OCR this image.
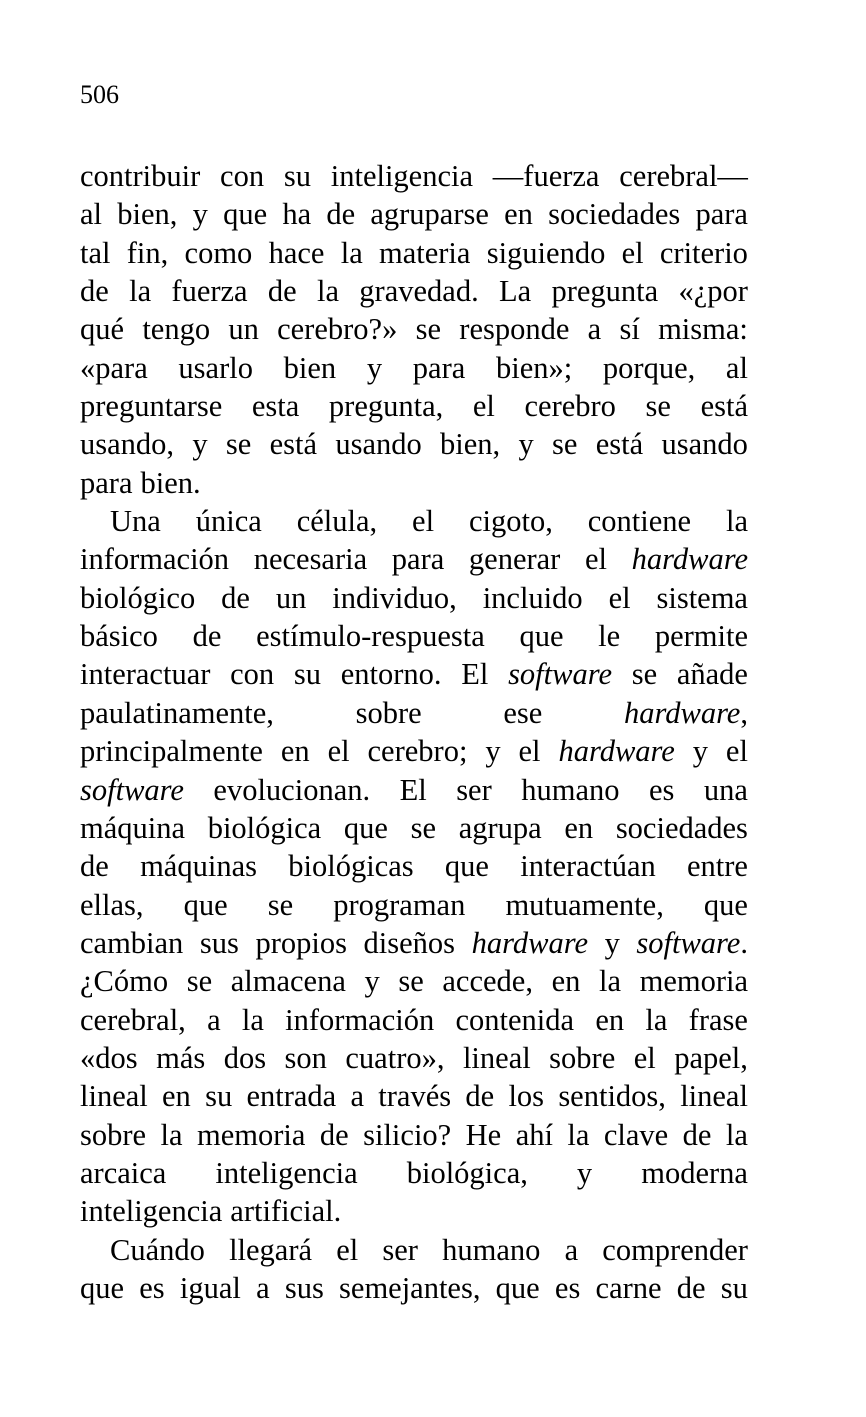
506
contribuir con su inteligencia —fuerza cerebral—
al bien, y que ha de agruparse en sociedades para
tal fin, como hace la materia siguiendo el criterio
de la fuerza de la gravedad. La pregunta «¿por
qué tengo un cerebro?» se responde a sí misma:
«para usarlo bien y para bien»; porque, al
preguntarse esta pregunta, el cerebro se está
usando, y se está usando bien, y se está usando
para bien.
Una única célula, el cigoto, contiene la
información necesaria para generar el hardware
biológico de un individuo, incluido el sistema
básico de estímulo-respuesta que le permite
interactuar con su entorno. El software se añade
paulatinamente,	sobre	ese	hardware,
principalmente en el cerebro; y el hardware y el
software evolucionan. El ser humano es una
máquina biológica que se agrupa en sociedades
de máquinas biológicas que interactúan entre
ellas, que se programan mutuamente, que
cambian sus propios diseños hardware y software.
¿Cómo se almacena y se accede, en la memoria
cerebral, a la información contenida en la frase
«dos más dos son cuatro», lineal sobre el papel,
lineal en su entrada a través de los sentidos, lineal
sobre la memoria de silicio? He ahí la clave de la
arcaica inteligencia biológica, y moderna
inteligencia artificial.
Cuándo llegará el ser humano a comprender
que es igual a sus semejantes, que es carne de su
